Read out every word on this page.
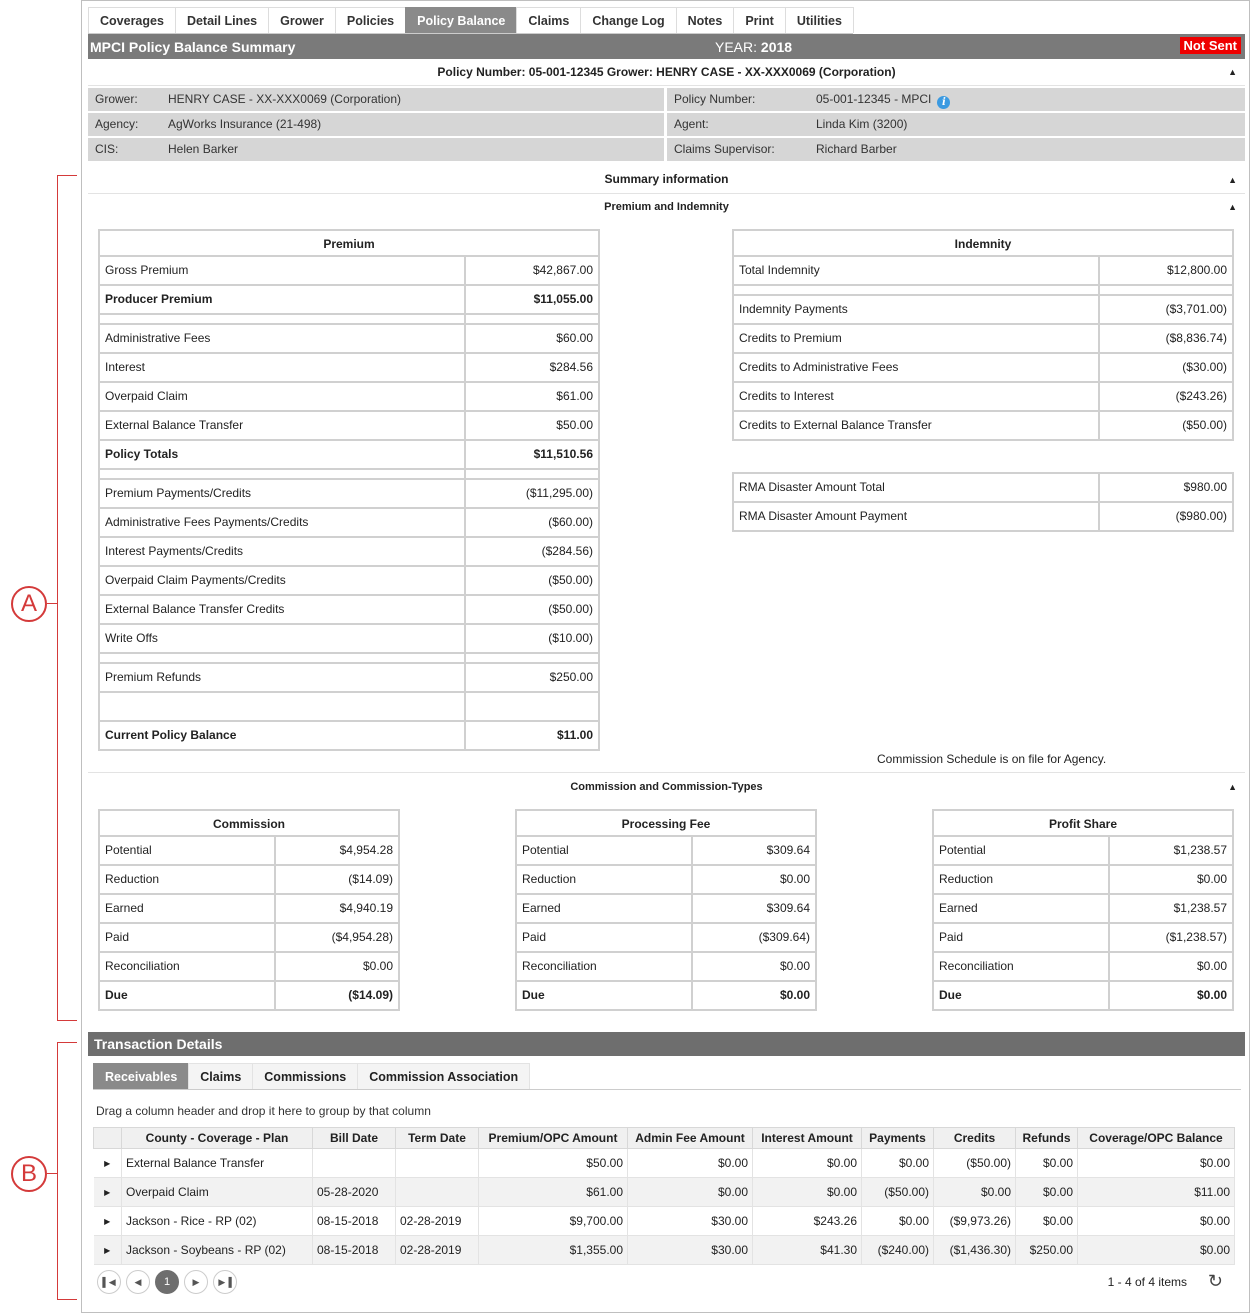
A
B
Coverages	Detail Lines	Grower	Policies	Policy Balance	Claims	Change Log	Notes	Print	Utilities
MPCI Policy Balance Summary	YEAR: 2018	Not Sent
Policy Number: 05-001-12345 Grower: HENRY CASE - XX-XXX0069 (Corporation)	▲
Grower:	HENRY CASE - XX-XXX0069 (Corporation)
Agency: AgWorks Insurance (21-498)
CIS:	Helen Barker
Policy Number:	05-001-12345 - MPCI i
Agent:	Linda Kim (3200)
Claims Supervisor:	Richard Barber
Summary information	▲
Premium and Indemnity	▲
Premium
Gross Premium	$42,867.00
Producer Premium	$11,055.00
Administrative Fees	$60.00
Interest	$284.56
Overpaid Claim	$61.00
External Balance Transfer	$50.00
Policy Totals	$11,510.56
Premium Payments/Credits	($11,295.00)
Administrative Fees Payments/Credits	($60.00)
Interest Payments/Credits	($284.56)
Overpaid Claim Payments/Credits	($50.00)
External Balance Transfer Credits	($50.00)
Write Offs	($10.00)
Premium Refunds	$250.00
Current Policy Balance	$11.00
Indemnity
Total Indemnity	$12,800.00
Indemnity Payments	($3,701.00)
Credits to Premium	($8,836.74)
Credits to Administrative Fees	($30.00)
Credits to Interest	($243.26)
Credits to External Balance Transfer	($50.00)
RMA Disaster Amount Total	$980.00
RMA Disaster Amount Payment	($980.00)
Commission Schedule is on file for Agency.
Commission and Commission-Types	▲
Commission
Potential	$4,954.28
Reduction	($14.09)
Earned	$4,940.19
Paid	($4,954.28)
Reconciliation	$0.00
Due	($14.09)
Processing Fee
Potential	$309.64
Reduction	$0.00
Earned	$309.64
Paid	($309.64)
Reconciliation	$0.00
Due	$0.00
Profit Share
Potential	$1,238.57
Reduction	$0.00
Earned	$1,238.57
Paid	($1,238.57)
Reconciliation	$0.00
Due	$0.00
Transaction Details
Receivables	Claims	Commissions	Commission Association
Drag a column header and drop it here to group by that column
	County - Coverage - Plan	Bill Date	Term Date	Premium/OPC Amount	Admin Fee Amount	Interest Amount	Payments	Credits	Refunds	Coverage/OPC Balance
▶	External Balance Transfer			$50.00	$0.00	$0.00	$0.00	($50.00)	$0.00	$0.00
▶	Overpaid Claim	05-28-2020		$61.00	$0.00	$0.00	($50.00)	$0.00	$0.00	$11.00
▶	Jackson - Rice - RP (02)	08-15-2018	02-28-2019	$9,700.00	$30.00	$243.26	$0.00	($9,973.26)	$0.00	$0.00
▶	Jackson - Soybeans - RP (02)	08-15-2018	02-28-2019	$1,355.00	$30.00	$41.30	($240.00)	($1,436.30)	$250.00	$0.00
▌◀	◀	1	▶	▶▐	1 - 4 of 4 items ↻
